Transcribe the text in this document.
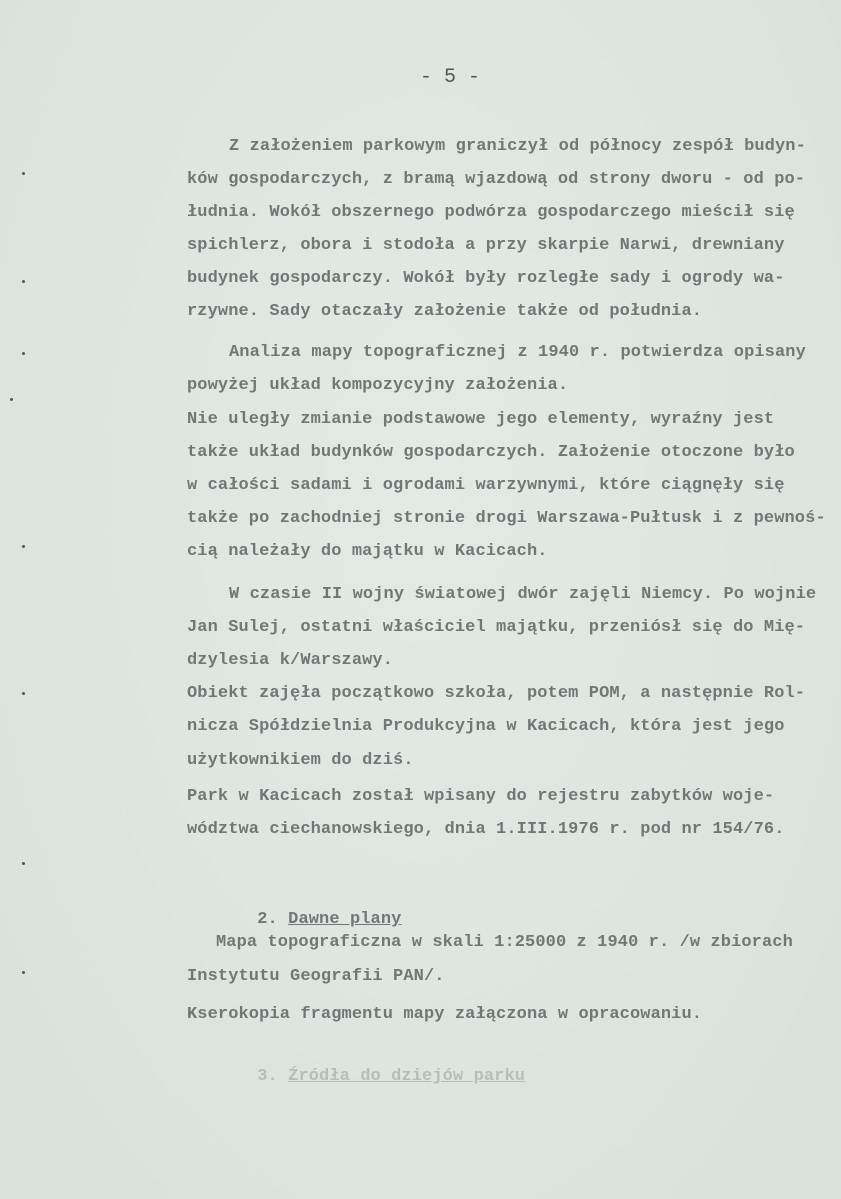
- 5 -
Z założeniem parkowym graniczył od północy zespół budyn-
ków gospodarczych, z bramą wjazdową od strony dworu - od po-
łudnia. Wokół obszernego podwórza gospodarczego mieścił się
spichlerz, obora i stodoła a przy skarpie Narwi, drewniany
budynek gospodarczy. Wokół były rozległe sady i ogrody wa-
rzywne. Sady otaczały założenie także od południa.
Analiza mapy topograficznej z 1940 r. potwierdza opisany
powyżej układ kompozycyjny założenia.
Nie uległy zmianie podstawowe jego elementy, wyraźny jest
także układ budynków gospodarczych. Założenie otoczone było
w całości sadami i ogrodami warzywnymi, które ciągnęły się
także po zachodniej stronie drogi Warszawa-Pułtusk i z pewnoś-
cią należały do majątku w Kacicach.
W czasie II wojny światowej dwór zajęli Niemcy. Po wojnie
Jan Sulej, ostatni właściciel majątku, przeniósł się do Mię-
dzylesia k/Warszawy.
Obiekt zajęła początkowo szkoła, potem POM, a następnie Rol-
nicza Spółdzielnia Produkcyjna w Kacicach, która jest jego
użytkownikiem do dziś.
Park w Kacicach został wpisany do rejestru zabytków woje-
wództwa ciechanowskiego, dnia 1.III.1976 r. pod nr 154/76.

2. Dawne plany

Mapa topograficzna w skali 1:25000 z 1940 r. /w zbiorach
Instytutu Geografii PAN/.
Kserokopia fragmentu mapy załączona w opracowaniu.

3. Źródła do dziejów parku
